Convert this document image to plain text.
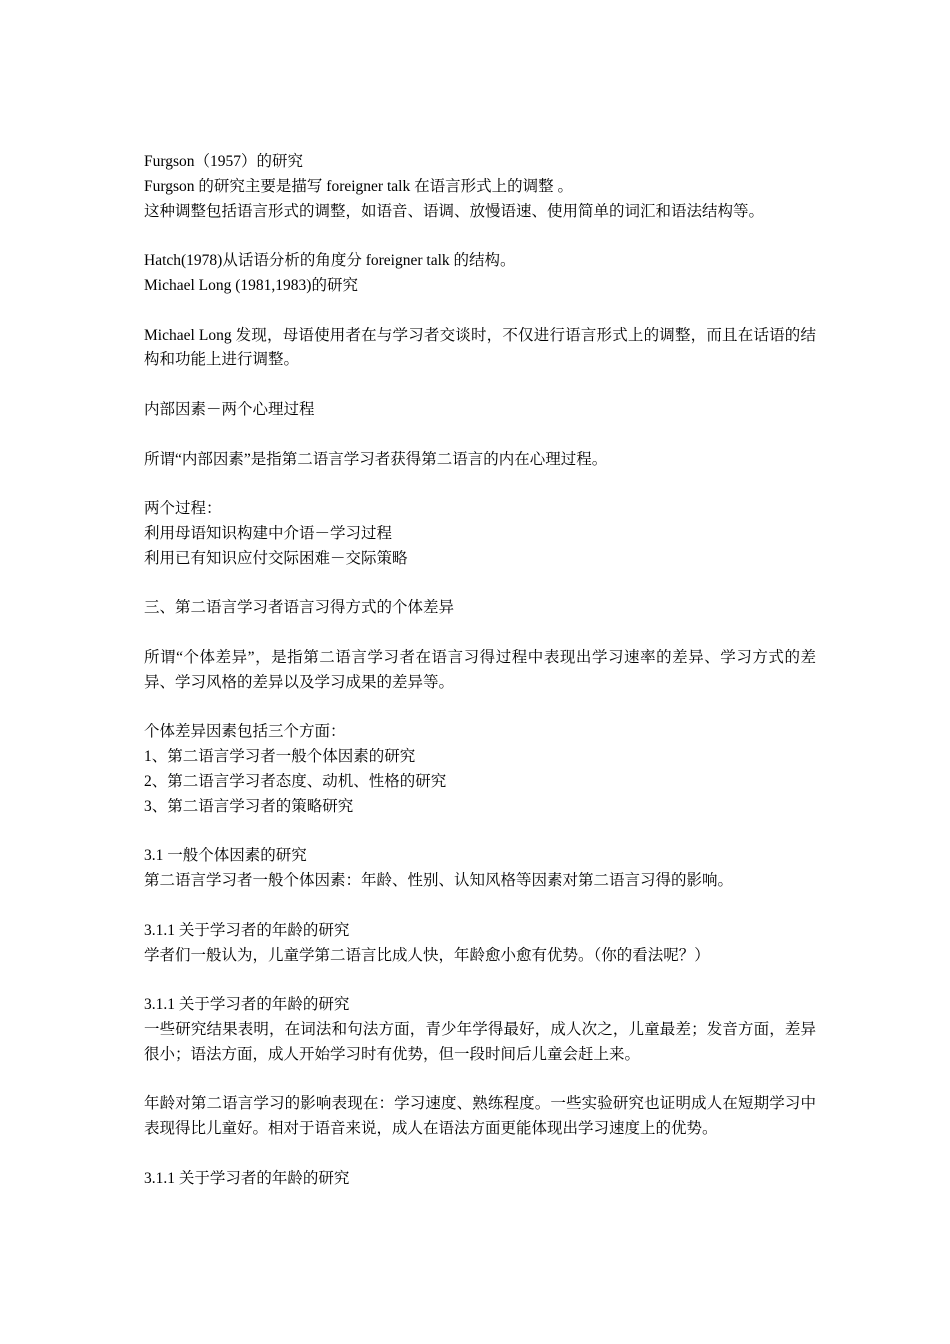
Furgson（1957）的研究
Furgson 的研究主要是描写 foreigner talk 在语言形式上的调整 。
这种调整包括语言形式的调整，如语音、语调、放慢语速、使用简单的词汇和语法结构等。
Hatch(1978)从话语分析的角度分 foreigner talk 的结构。
Michael Long (1981,1983)的研究
Michael Long 发现，母语使用者在与学习者交谈时，不仅进行语言形式上的调整，而且在话语的结构和功能上进行调整。
内部因素－两个心理过程
所谓“内部因素”是指第二语言学习者获得第二语言的内在心理过程。
两个过程：
利用母语知识构建中介语－学习过程
利用已有知识应付交际困难－交际策略
三、第二语言学习者语言习得方式的个体差异
所谓“个体差异”，是指第二语言学习者在语言习得过程中表现出学习速率的差异、学习方式的差异、学习风格的差异以及学习成果的差异等。
个体差异因素包括三个方面：
1、第二语言学习者一般个体因素的研究
2、第二语言学习者态度、动机、性格的研究
3、第二语言学习者的策略研究
3.1 一般个体因素的研究
第二语言学习者一般个体因素：年龄、性别、认知风格等因素对第二语言习得的影响。
3.1.1 关于学习者的年龄的研究
学者们一般认为，儿童学第二语言比成人快，年龄愈小愈有优势。（你的看法呢？）
3.1.1 关于学习者的年龄的研究
一些研究结果表明，在词法和句法方面，青少年学得最好，成人次之，儿童最差；发音方面，差异很小；语法方面，成人开始学习时有优势，但一段时间后儿童会赶上来。
年龄对第二语言学习的影响表现在：学习速度、熟练程度。一些实验研究也证明成人在短期学习中表现得比儿童好。相对于语音来说，成人在语法方面更能体现出学习速度上的优势。
3.1.1 关于学习者的年龄的研究
